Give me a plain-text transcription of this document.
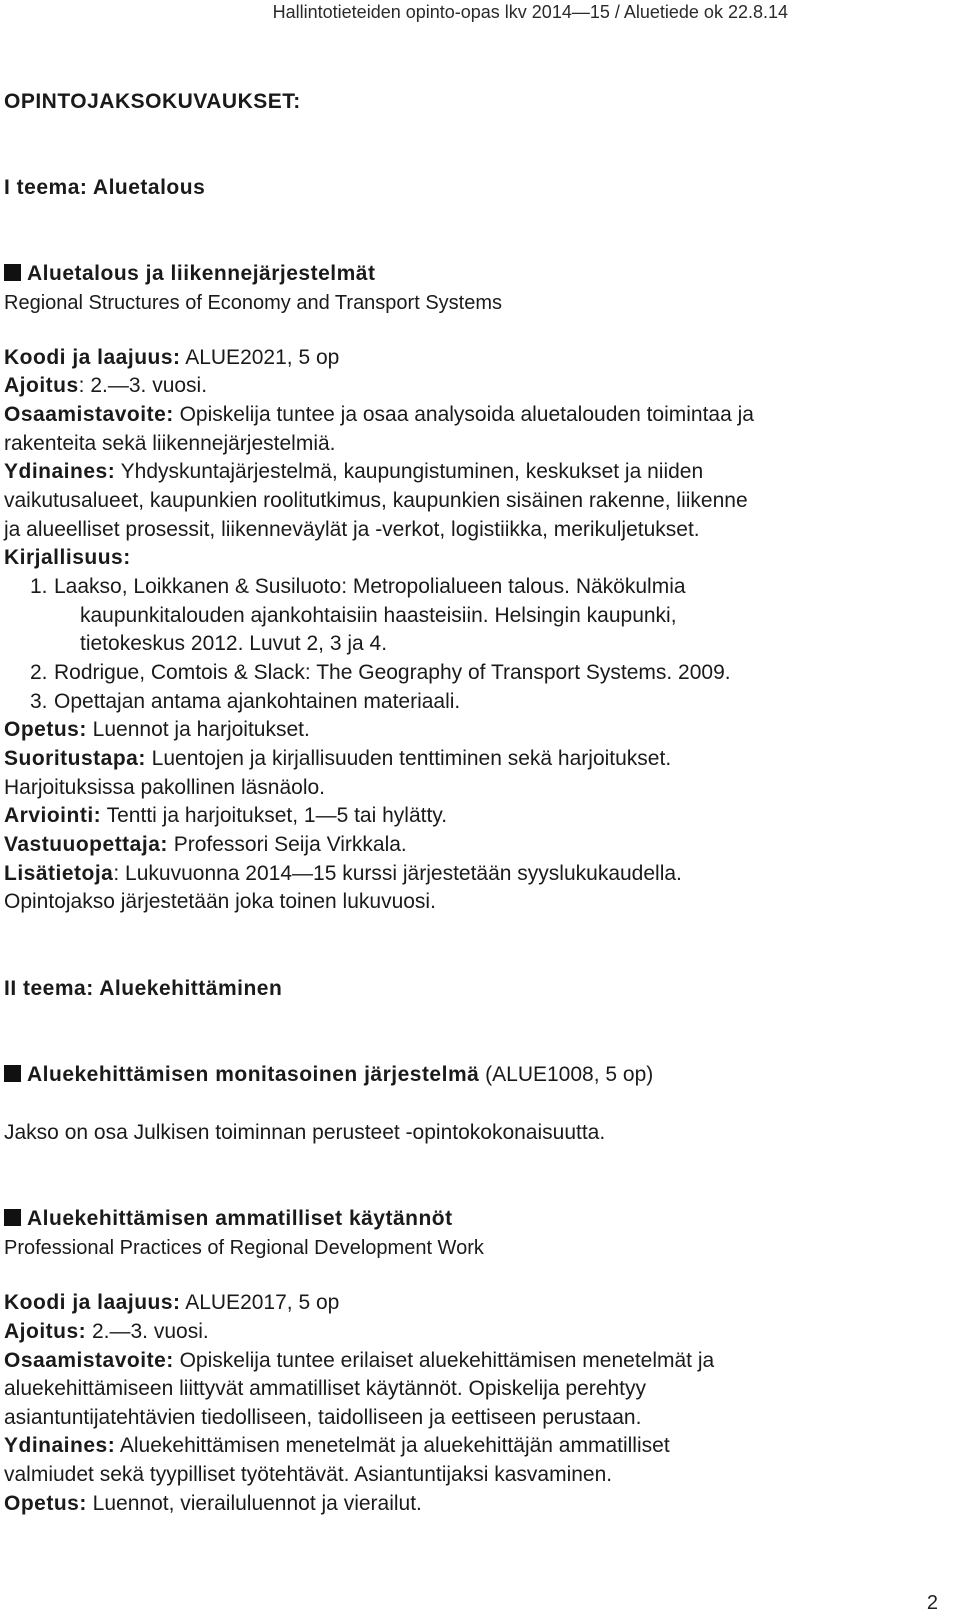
Hallintotieteiden opinto-opas lkv 2014—15 / Aluetiede ok 22.8.14
OPINTOJAKSOKUVAUKSET:
I teema: Aluetalous
Aluetalous ja liikennejärjestelmät
Regional Structures of Economy and Transport Systems
Koodi ja laajuus: ALUE2021, 5 op
Ajoitus: 2.—3. vuosi.
Osaamistavoite: Opiskelija tuntee ja osaa analysoida aluetalouden toimintaa ja
rakenteita sekä liikennejärjestelmiä.
Ydinaines: Yhdyskuntajärjestelmä, kaupungistuminen, keskukset ja niiden
vaikutusalueet, kaupunkien roolitutkimus, kaupunkien sisäinen rakenne, liikenne
ja alueelliset prosessit, liikenneväylät ja -verkot, logistiikka, merikuljetukset.
Kirjallisuus:
1. Laakso, Loikkanen & Susiluoto: Metropolialueen talous. Näkökulmia
kaupunkitalouden ajankohtaisiin haasteisiin. Helsingin kaupunki,
tietokeskus 2012. Luvut 2, 3 ja 4.
2. Rodrigue, Comtois & Slack: The Geography of Transport Systems. 2009.
3. Opettajan antama ajankohtainen materiaali.
Opetus: Luennot ja harjoitukset.
Suoritustapa: Luentojen ja kirjallisuuden tenttiminen sekä harjoitukset.
Harjoituksissa pakollinen läsnäolo.
Arviointi: Tentti ja harjoitukset, 1—5 tai hylätty.
Vastuuopettaja: Professori Seija Virkkala.
Lisätietoja: Lukuvuonna 2014—15 kurssi järjestetään syyslukukaudella.
Opintojakso järjestetään joka toinen lukuvuosi.
II teema: Aluekehittäminen
Aluekehittämisen monitasoinen järjestelmä (ALUE1008, 5 op)
Jakso on osa Julkisen toiminnan perusteet -opintokokonaisuutta.
Aluekehittämisen ammatilliset käytännöt
Professional Practices of Regional Development Work
Koodi ja laajuus: ALUE2017, 5 op
Ajoitus: 2.—3. vuosi.
Osaamistavoite: Opiskelija tuntee erilaiset aluekehittämisen menetelmät ja
aluekehittämiseen liittyvät ammatilliset käytännöt. Opiskelija perehtyy
asiantuntijatehtävien tiedolliseen, taidolliseen ja eettiseen perustaan.
Ydinaines: Aluekehittämisen menetelmät ja aluekehittäjän ammatilliset
valmiudet sekä tyypilliset työtehtävät. Asiantuntijaksi kasvaminen.
Opetus: Luennot, vierailuluennot ja vierailut.
2
